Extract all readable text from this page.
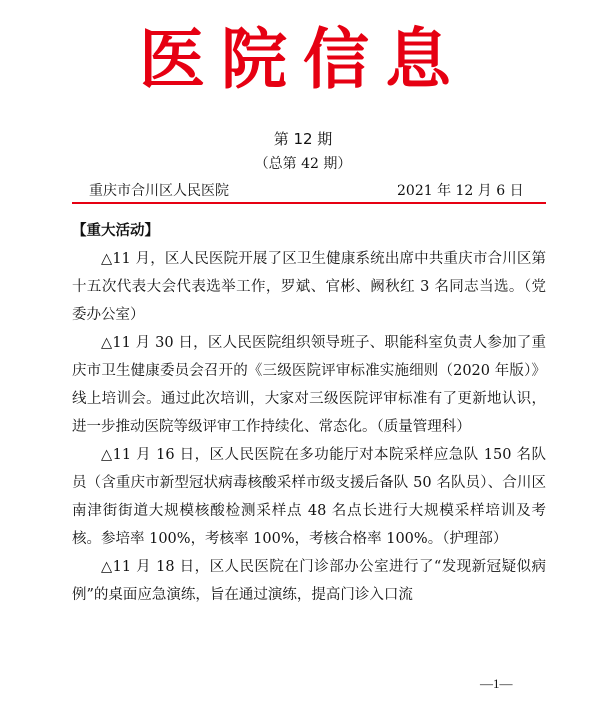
医院信息
第 12 期
（总第 42 期）
重庆市合川区人民医院	2021 年 12 月 6 日
【重大活动】

△11 月，区人民医院开展了区卫生健康系统出席中共重庆市合川区第十五次代表大会代表选举工作，罗斌、官彬、阙秋红 3 名同志当选。（党委办公室）

△11 月 30 日，区人民医院组织领导班子、职能科室负责人参加了重庆市卫生健康委员会召开的《三级医院评审标准实施细则（2020 年版）》线上培训会。通过此次培训，大家对三级医院评审标准有了更新地认识，进一步推动医院等级评审工作持续化、常态化。（质量管理科）

△11 月 16 日，区人民医院在多功能厅对本院采样应急队 150 名队员（含重庆市新型冠状病毒核酸采样市级支援后备队 50 名队员）、合川区南津街街道大规模核酸检测采样点 48 名点长进行大规模采样培训及考核。参培率 100%，考核率 100%，考核合格率 100%。（护理部）

△11 月 18 日，区人民医院在门诊部办公室进行了“发现新冠疑似病例”的桌面应急演练，旨在通过演练，提高门诊入口流

—1—
